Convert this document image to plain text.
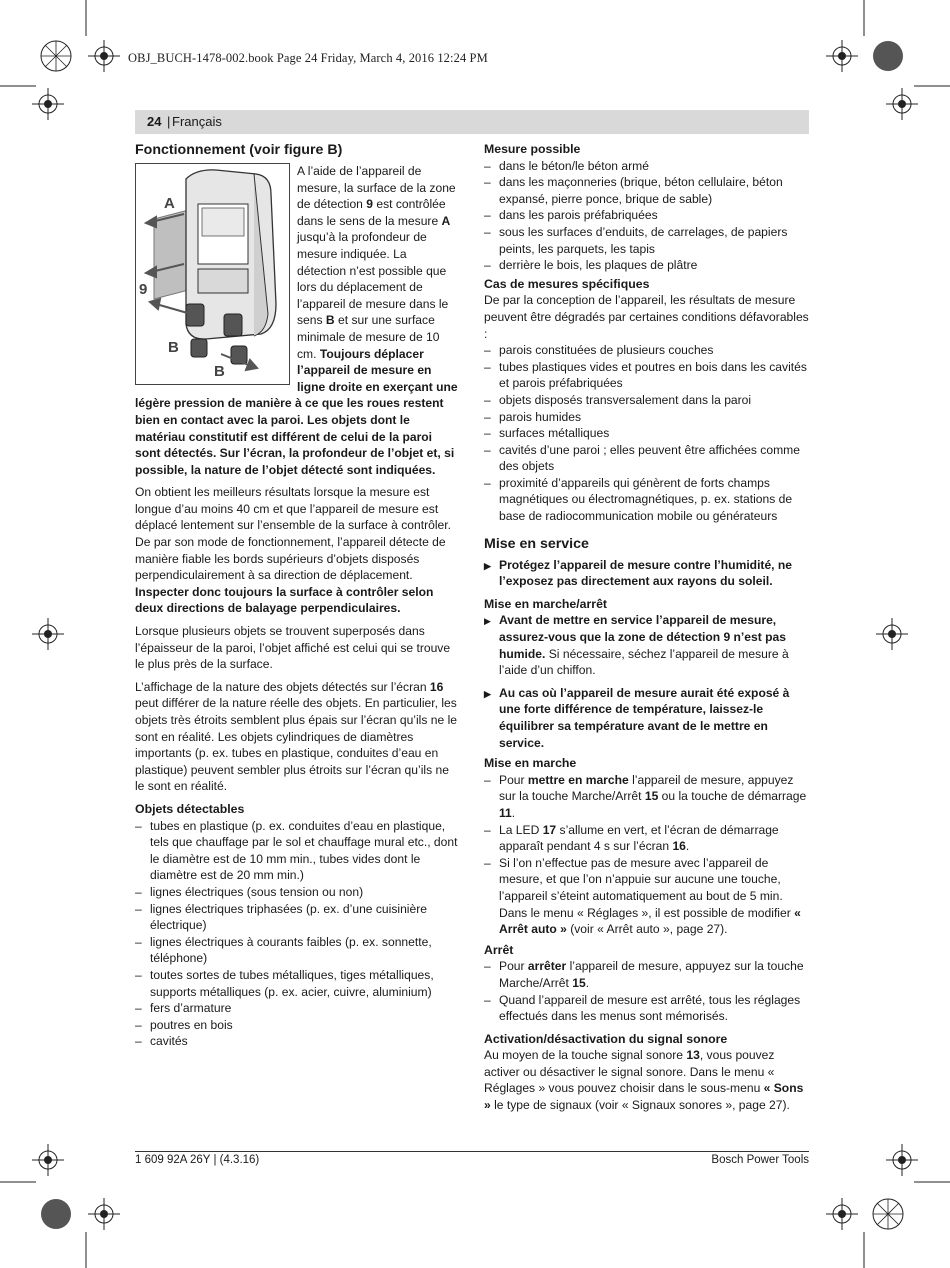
OBJ_BUCH-1478-002.book Page 24 Friday, March 4, 2016 12:24 PM
24 | Français
Fonctionnement (voir figure B)
A
9
B
B

A l’aide de l’appareil de mesure, la surface de la zone de détection 9 est contrôlée dans le sens de la mesure A jusqu’à la profondeur de mesure indiquée. La détection n’est possible que lors du déplacement de l’appareil de mesure dans le sens B et sur une surface minimale de mesure de 10 cm. Toujours déplacer l’appareil de mesure en ligne droite en exerçant une légère pression de manière à ce que les roues restent bien en contact avec la paroi. Les objets dont le matériau constitutif est différent de celui de la paroi sont détectés. Sur l’écran, la profondeur de l’objet et, si possible, la nature de l’objet détecté sont indiquées.

On obtient les meilleurs résultats lorsque la mesure est longue d’au moins 40 cm et que l’appareil de mesure est déplacé lentement sur l’ensemble de la surface à contrôler. De par son mode de fonctionnement, l’appareil détecte de manière fiable les bords supérieurs d’objets disposés perpendiculairement à sa direction de déplacement.
Inspecter donc toujours la surface à contrôler selon deux directions de balayage perpendiculaires.

Lorsque plusieurs objets se trouvent superposés dans l’épaisseur de la paroi, l’objet affiché est celui qui se trouve le plus près de la surface.

L’affichage de la nature des objets détectés sur l’écran 16 peut différer de la nature réelle des objets. En particulier, les objets très étroits semblent plus épais sur l’écran qu’ils ne le sont en réalité. Les objets cylindriques de diamètres importants (p. ex. tubes en plastique, conduites d’eau en plastique) peuvent sembler plus étroits sur l’écran qu’ils ne le sont en réalité.

Objets détectables
– tubes en plastique (p. ex. conduites d’eau en plastique, tels que chauffage par le sol et chauffage mural etc., dont le diamètre est de 10 mm min., tubes vides dont le diamètre est de 20 mm min.)
– lignes électriques (sous tension ou non)
– lignes électriques triphasées (p. ex. d’une cuisinière électrique)
– lignes électriques à courants faibles (p. ex. sonnette, téléphone)
– toutes sortes de tubes métalliques, tiges métalliques, supports métalliques (p. ex. acier, cuivre, aluminium)
– fers d’armature
– poutres en bois
– cavités
Mesure possible
– dans le béton/le béton armé
– dans les maçonneries (brique, béton cellulaire, béton expansé, pierre ponce, brique de sable)
– dans les parois préfabriquées
– sous les surfaces d’enduits, de carrelages, de papiers peints, les parquets, les tapis
– derrière le bois, les plaques de plâtre
Cas de mesures spécifiques

De par la conception de l’appareil, les résultats de mesure peuvent être dégradés par certaines conditions défavorables :

– parois constituées de plusieurs couches
– tubes plastiques vides et poutres en bois dans les cavités et parois préfabriquées
– objets disposés transversalement dans la paroi
– parois humides
– surfaces métalliques
– cavités d’une paroi ; elles peuvent être affichées comme des objets
– proximité d’appareils qui génèrent de forts champs magnétiques ou électromagnétiques, p. ex. stations de base de radiocommunication mobile ou générateurs
Mise en service
▶ Protégez l’appareil de mesure contre l’humidité, ne l’exposez pas directement aux rayons du soleil.
Mise en marche/arrêt
▶ Avant de mettre en service l’appareil de mesure, assurez-vous que la zone de détection 9 n’est pas humide. Si nécessaire, séchez l’appareil de mesure à l’aide d’un chiffon.
▶ Au cas où l’appareil de mesure aurait été exposé à une forte différence de température, laissez-le équilibrer sa température avant de le mettre en service.
Mise en marche
– Pour mettre en marche l’appareil de mesure, appuyez sur la touche Marche/Arrêt 15 ou la touche de démarrage 11.
– La LED 17 s’allume en vert, et l’écran de démarrage apparaît pendant 4 s sur l’écran 16.
– Si l’on n’effectue pas de mesure avec l’appareil de mesure, et que l’on n’appuie sur aucune une touche, l’appareil s’éteint automatiquement au bout de 5 min. Dans le menu « Réglages », il est possible de modifier « Arrêt auto » (voir « Arrêt auto », page 27).
Arrêt
– Pour arrêter l’appareil de mesure, appuyez sur la touche Marche/Arrêt 15.
– Quand l’appareil de mesure est arrêté, tous les réglages effectués dans les menus sont mémorisés.
Activation/désactivation du signal sonore

Au moyen de la touche signal sonore 13, vous pouvez activer ou désactiver le signal sonore. Dans le menu « Réglages » vous pouvez choisir dans le sous-menu « Sons » le type de signaux (voir « Signaux sonores », page 27).

1 609 92A 26Y | (4.3.16)	Bosch Power Tools
